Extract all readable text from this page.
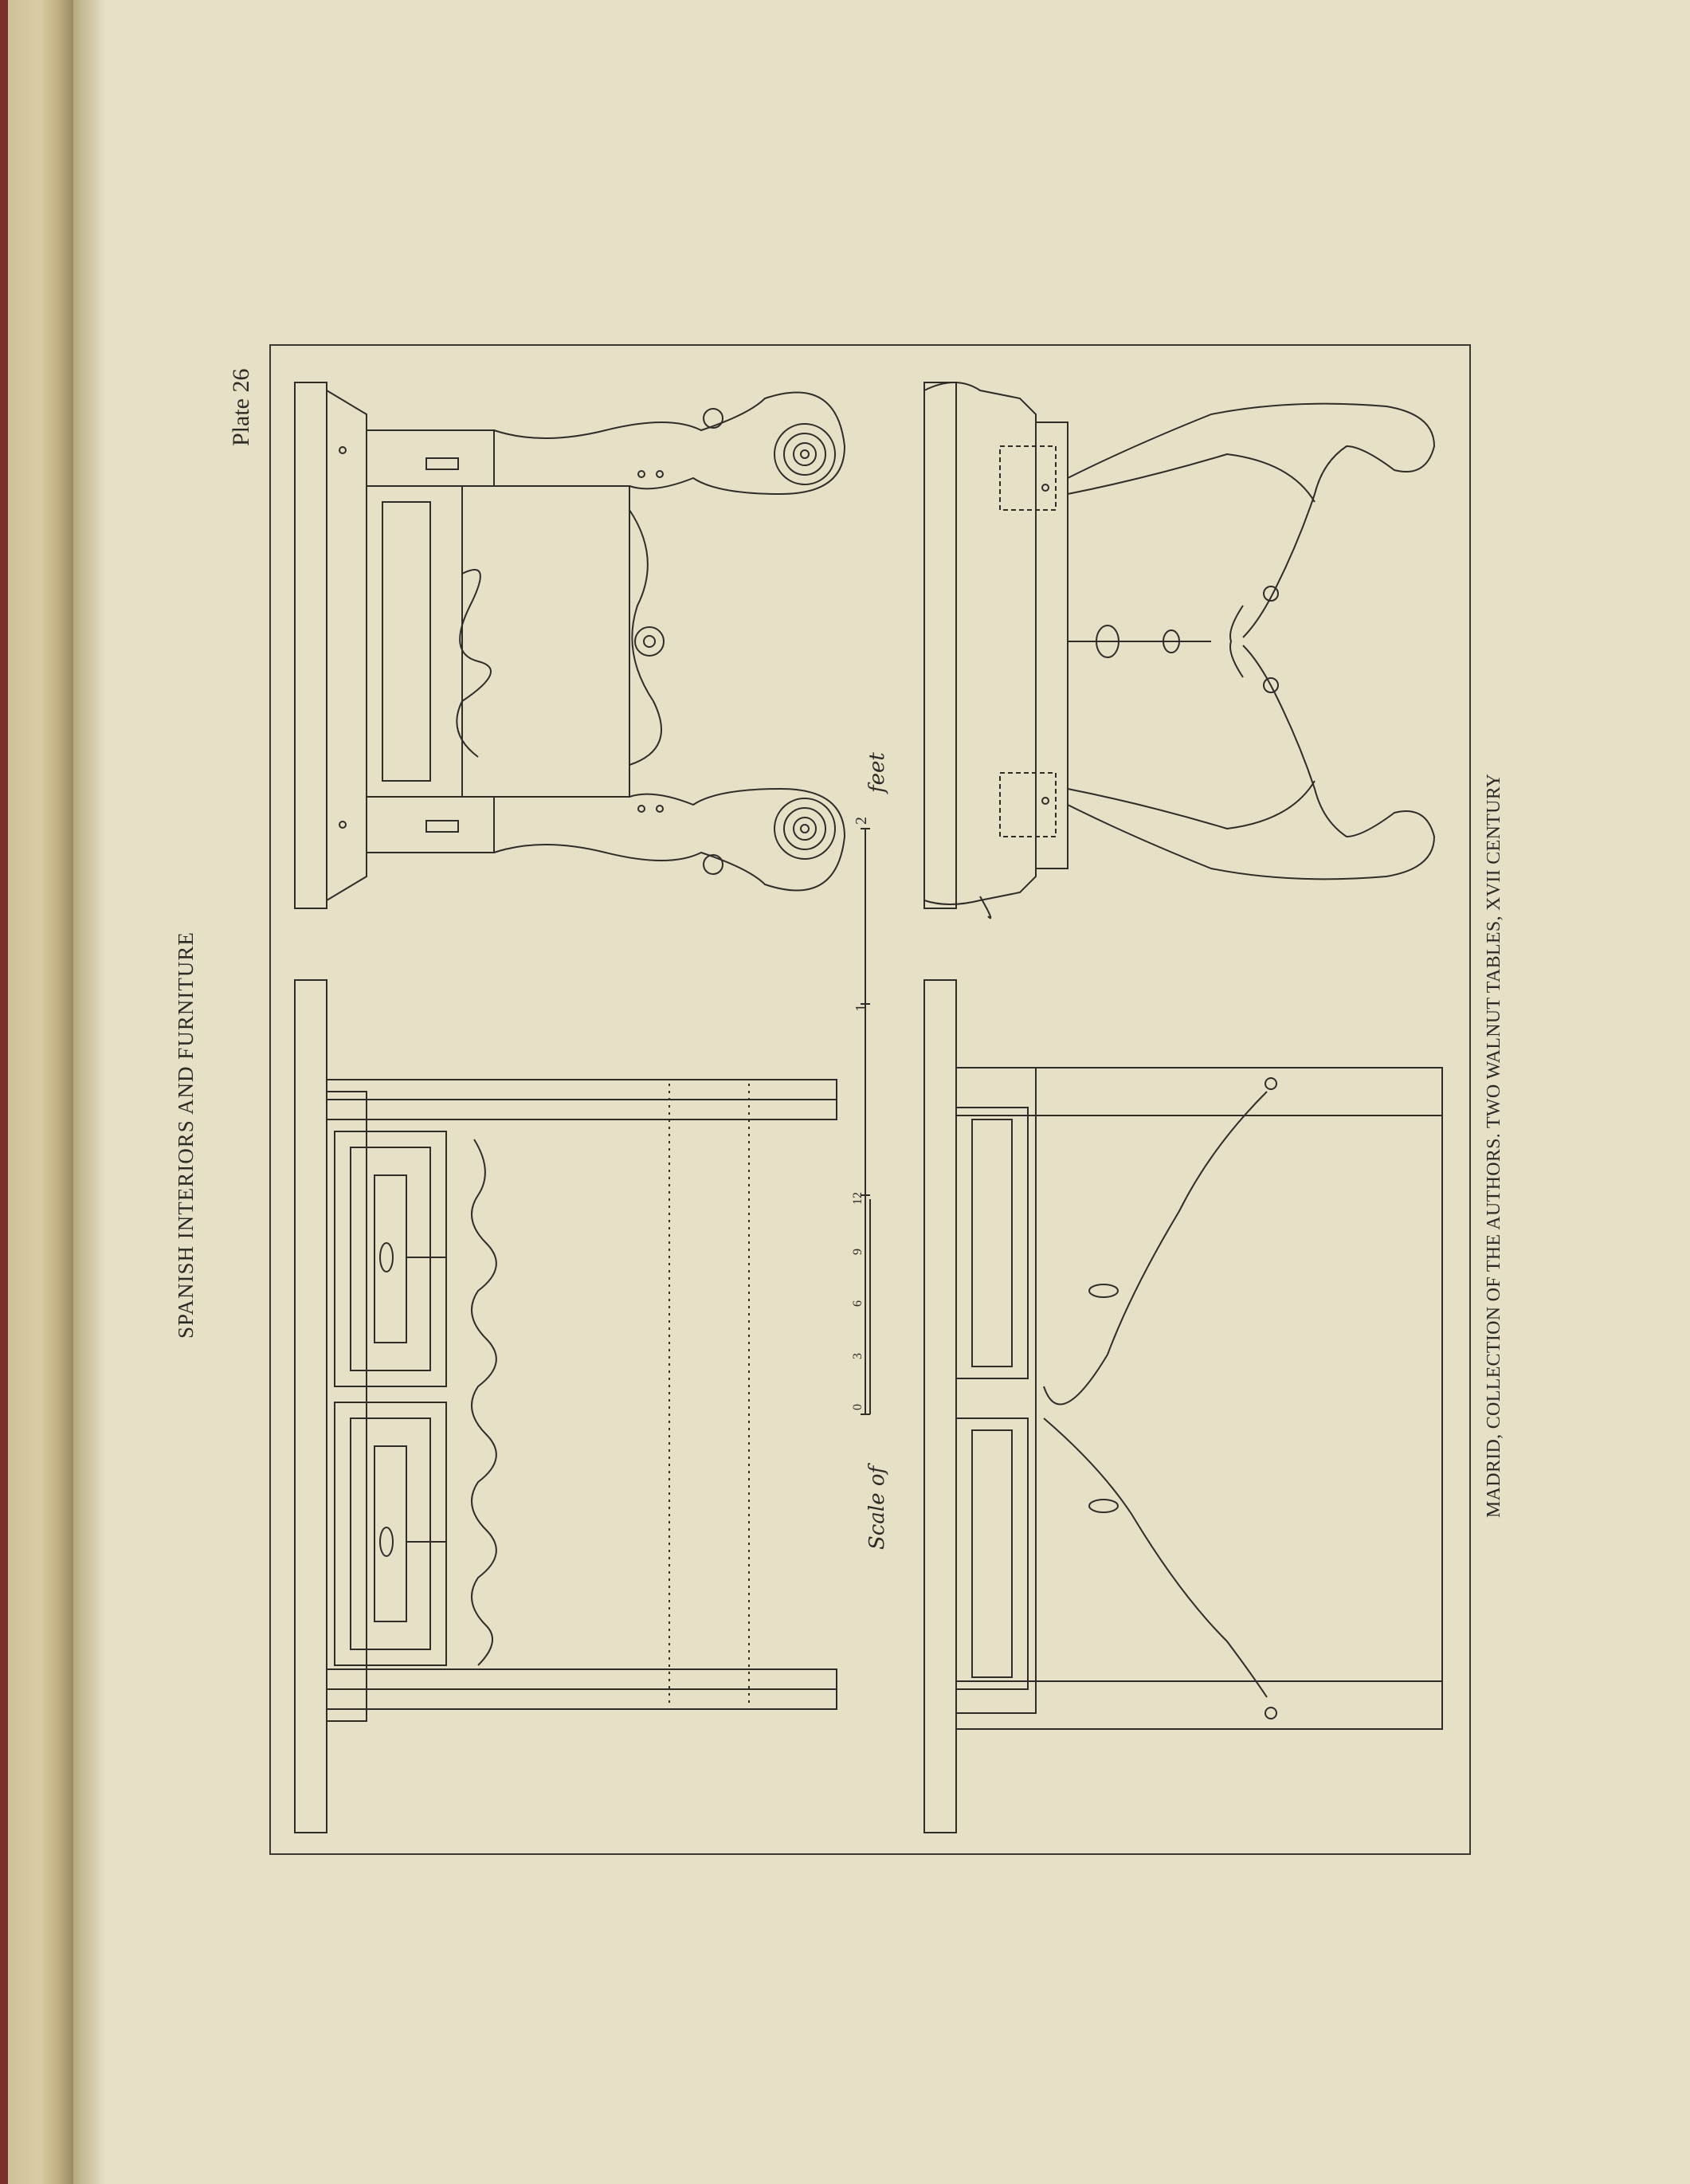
SPANISH INTERIORS AND FURNITURE
Plate 26
MADRID, COLLECTION OF THE AUTHORS. TWO WALNUT TABLES, XVII CENTURY
Scale of
feet
0
3
6
9
12
1
2
